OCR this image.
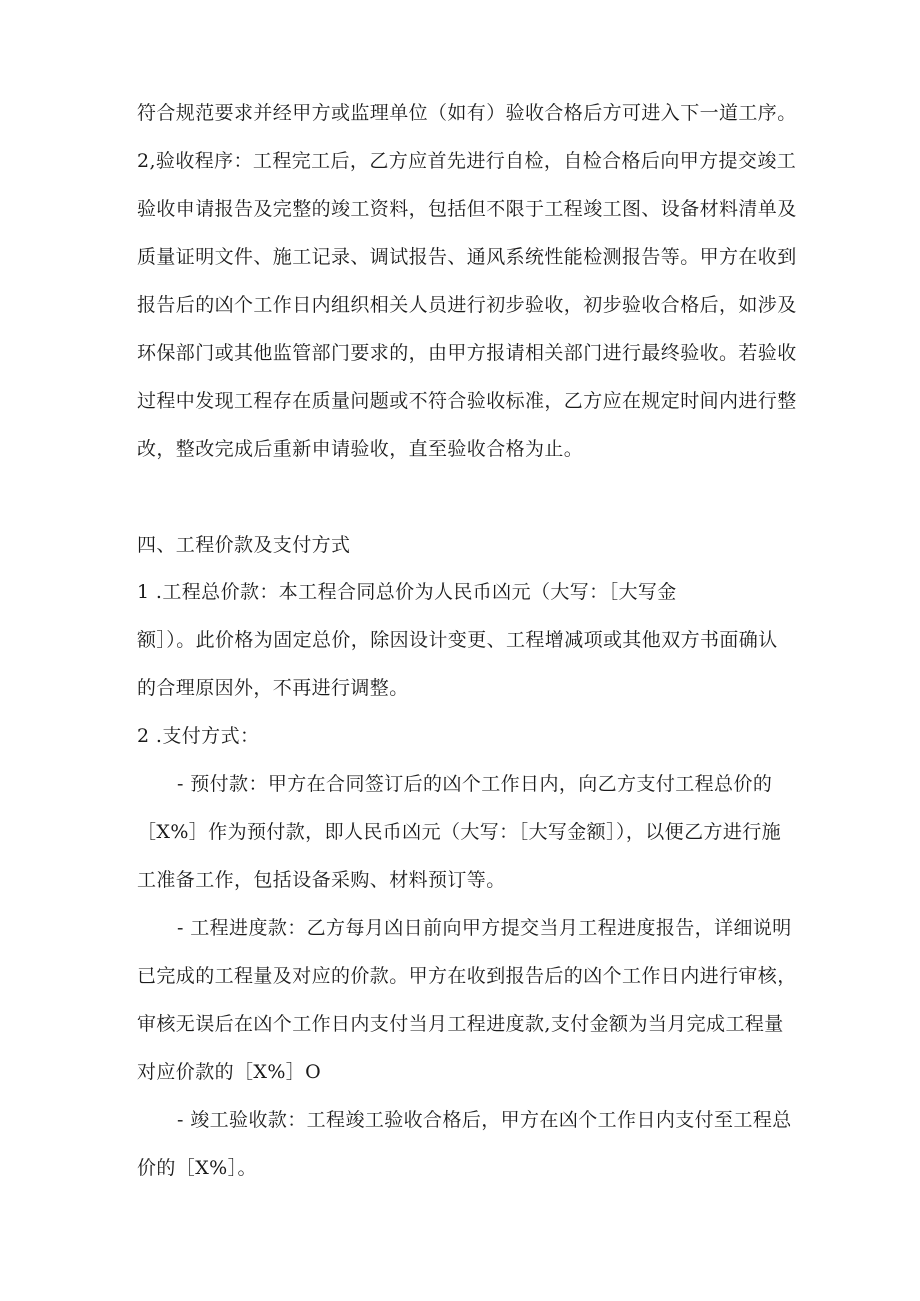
符合规范要求并经甲方或监理单位（如有）验收合格后方可进入下一道工序。
2,验收程序：工程完工后，乙方应首先进行自检，自检合格后向甲方提交竣工
验收申请报告及完整的竣工资料，包括但不限于工程竣工图、设备材料清单及
质量证明文件、施工记录、调试报告、通风系统性能检测报告等。甲方在收到
报告后的凶个工作日内组织相关人员进行初步验收，初步验收合格后，如涉及
环保部门或其他监管部门要求的，由甲方报请相关部门进行最终验收。若验收
过程中发现工程存在质量问题或不符合验收标准，乙方应在规定时间内进行整
改，整改完成后重新申请验收，直至验收合格为止。
四、工程价款及支付方式
1 .工程总价款：本工程合同总价为人民币凶元（大写：［大写金
额］）。此价格为固定总价，除因设计变更、工程增减项或其他双方书面确认
的合理原因外，不再进行调整。
2 .支付方式：
- 预付款：甲方在合同签订后的凶个工作日内，向乙方支付工程总价的
［X%］作为预付款，即人民币凶元（大写：［大写金额］），以便乙方进行施
工准备工作，包括设备采购、材料预订等。
- 工程进度款：乙方每月凶日前向甲方提交当月工程进度报告，详细说明
已完成的工程量及对应的价款。甲方在收到报告后的凶个工作日内进行审核，
审核无误后在凶个工作日内支付当月工程进度款,支付金额为当月完成工程量
对应价款的［X%］O
- 竣工验收款：工程竣工验收合格后，甲方在凶个工作日内支付至工程总
价的［X%］。
